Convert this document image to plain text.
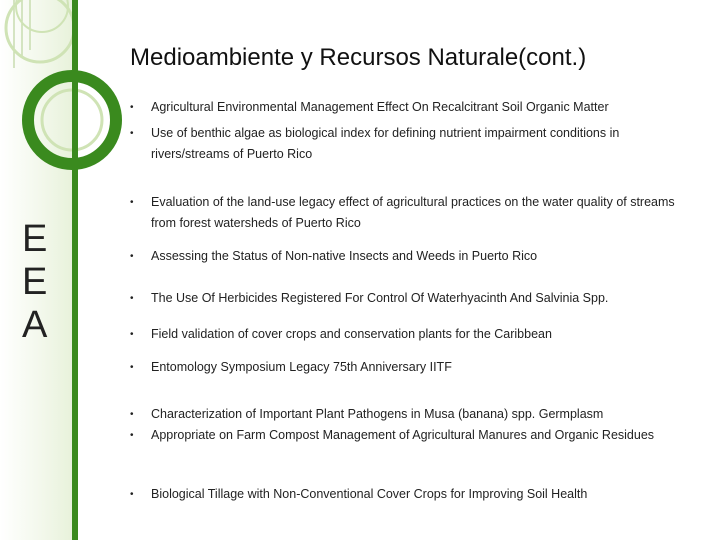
E
E
A
Medioambiente y Recursos Naturale(cont.)
•	Agricultural Environmental Management Effect On Recalcitrant Soil Organic Matter
•	Use of benthic algae as biological index for defining nutrient impairment conditions in rivers/streams of Puerto Rico
•	Evaluation of the land-use legacy effect of agricultural practices on the water quality of streams from forest watersheds of Puerto Rico
•	Assessing the Status of Non-native Insects and Weeds in Puerto Rico
•	The Use Of Herbicides Registered For Control Of Waterhyacinth And Salvinia Spp.
•	Field validation of cover crops and conservation plants for the Caribbean
•	Entomology Symposium Legacy 75th Anniversary IITF
•	Characterization of Important Plant Pathogens in Musa (banana) spp. Germplasm
•	Appropriate on Farm Compost Management of Agricultural Manures and Organic Residues
•	Biological Tillage with Non-Conventional Cover Crops for Improving Soil Health
